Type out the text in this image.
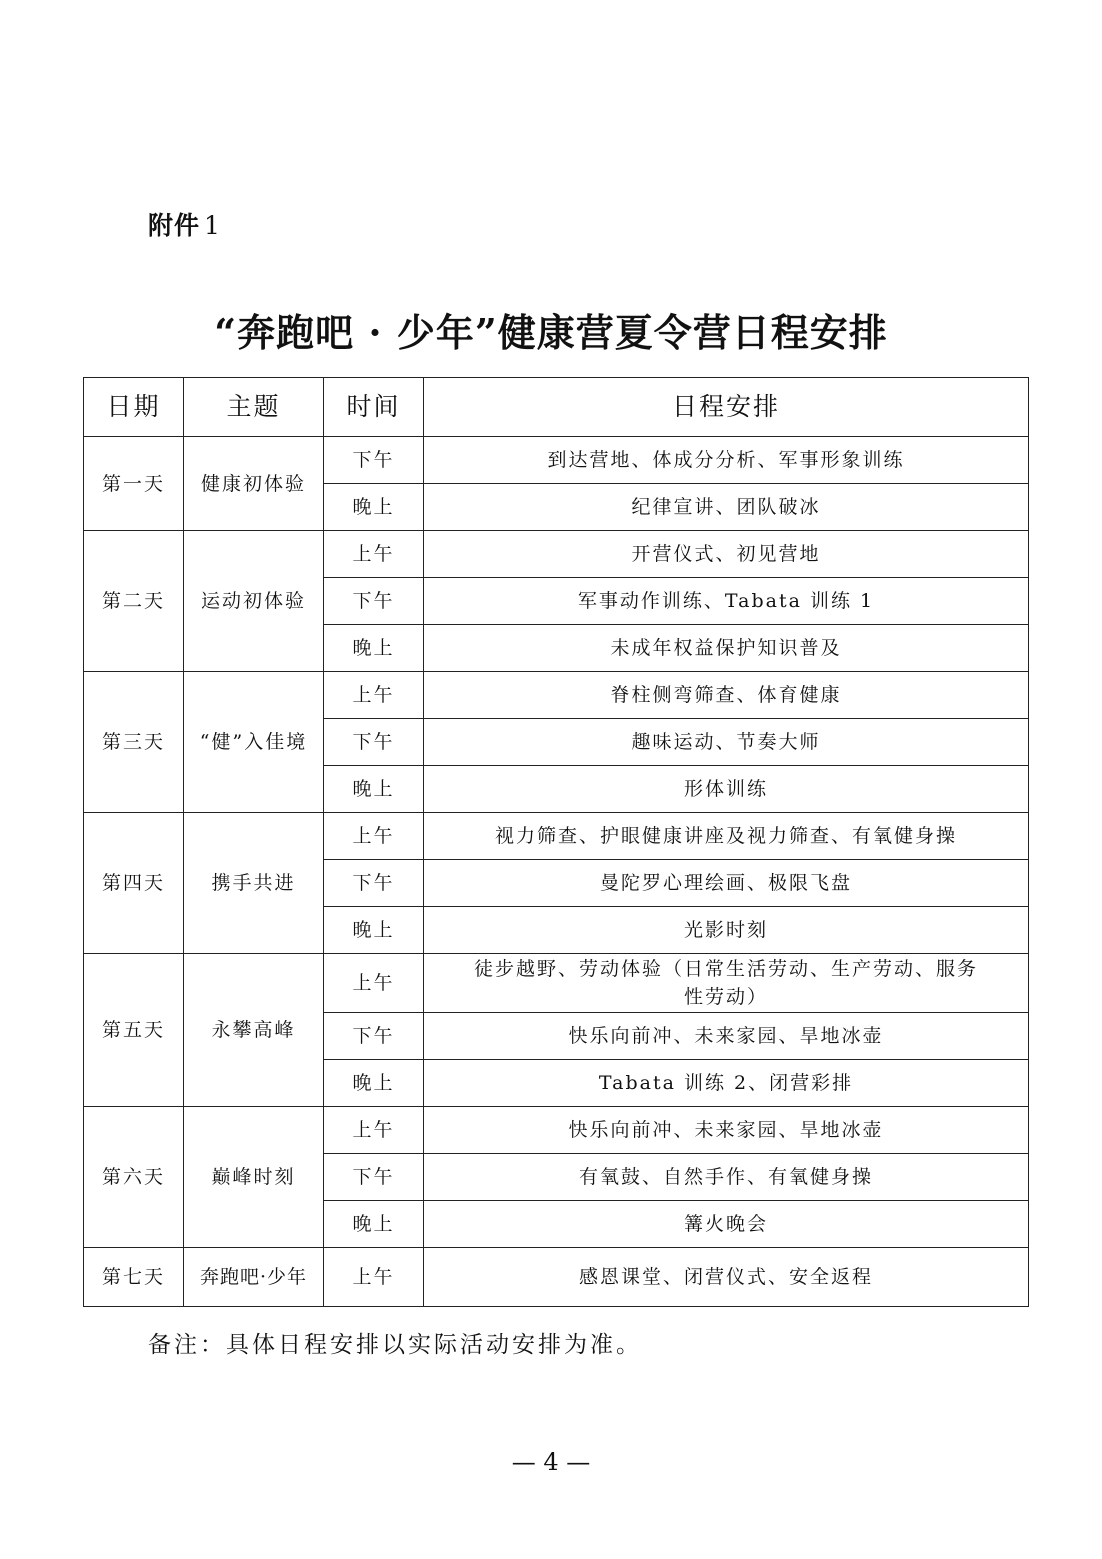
附件 1
“奔跑吧 · 少年”健康营夏令营日程安排
日期	主题	时间	日程安排
第一天	健康初体验	下午	到达营地、体成分分析、军事形象训练
		晚上	纪律宣讲、团队破冰
第二天	运动初体验	上午	开营仪式、初见营地
		下午	军事动作训练、Tabata 训练 1
		晚上	未成年权益保护知识普及
第三天	“健”入佳境	上午	脊柱侧弯筛查、体育健康
		下午	趣味运动、节奏大师
		晚上	形体训练
第四天	携手共进	上午	视力筛查、护眼健康讲座及视力筛查、有氧健身操
		下午	曼陀罗心理绘画、极限飞盘
		晚上	光影时刻
第五天	永攀高峰	上午	徒步越野、劳动体验（日常生活劳动、生产劳动、服务性劳动）
		下午	快乐向前冲、未来家园、旱地冰壶
		晚上	Tabata 训练 2、闭营彩排
第六天	巅峰时刻	上午	快乐向前冲、未来家园、旱地冰壶
		下午	有氧鼓、自然手作、有氧健身操
		晚上	篝火晚会
第七天	奔跑吧·少年	上午	感恩课堂、闭营仪式、安全返程
备注：具体日程安排以实际活动安排为准。
— 4 —
